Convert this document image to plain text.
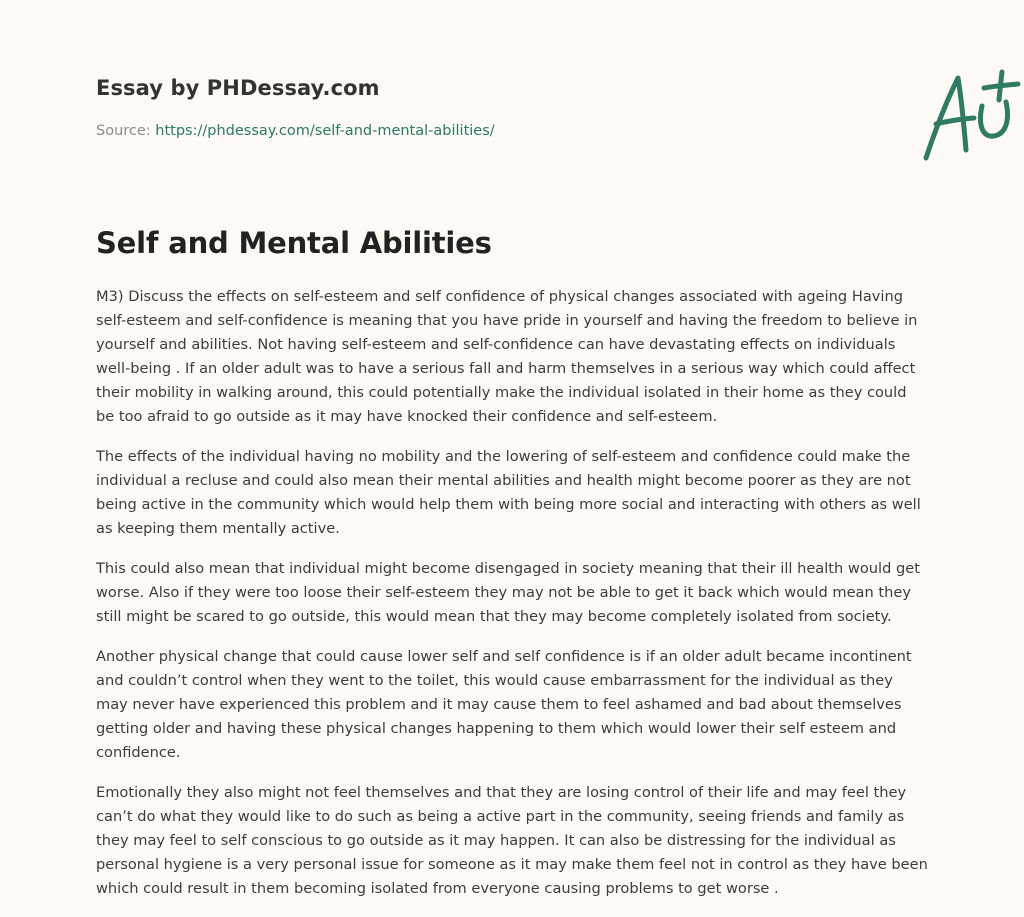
Essay by PHDessay.com
Source: https://phdessay.com/self-and-mental-abilities/
Self and Mental Abilities

M3) Discuss the effects on self-esteem and self confidence of physical changes associated with ageing Having self-esteem and self-confidence is meaning that you have pride in yourself and having the freedom to believe in yourself and abilities. Not having self-esteem and self-confidence can have devastating effects on individuals well-being . If an older adult was to have a serious fall and harm themselves in a serious way which could affect their mobility in walking around, this could potentially make the individual isolated in their home as they could be too afraid to go outside as it may have knocked their confidence and self-esteem.

The effects of the individual having no mobility and the lowering of self-esteem and confidence could make the individual a recluse and could also mean their mental abilities and health might become poorer as they are not being active in the community which would help them with being more social and interacting with others as well as keeping them mentally active.

This could also mean that individual might become disengaged in society meaning that their ill health would get worse. Also if they were too loose their self-esteem they may not be able to get it back which would mean they still might be scared to go outside, this would mean that they may become completely isolated from society.

Another physical change that could cause lower self and self confidence is if an older adult became incontinent and couldn’t control when they went to the toilet, this would cause embarrassment for the individual as they may never have experienced this problem and it may cause them to feel ashamed and bad about themselves getting older and having these physical changes happening to them which would lower their self esteem and confidence.

Emotionally they also might not feel themselves and that they are losing control of their life and may feel they can’t do what they would like to do such as being a active part in the community, seeing friends and family as they may feel to self conscious to go outside as it may happen. It can also be distressing for the individual as personal hygiene is a very personal issue for someone as it may make them feel not in control as they have been which could result in them becoming isolated from everyone causing problems to get worse .
